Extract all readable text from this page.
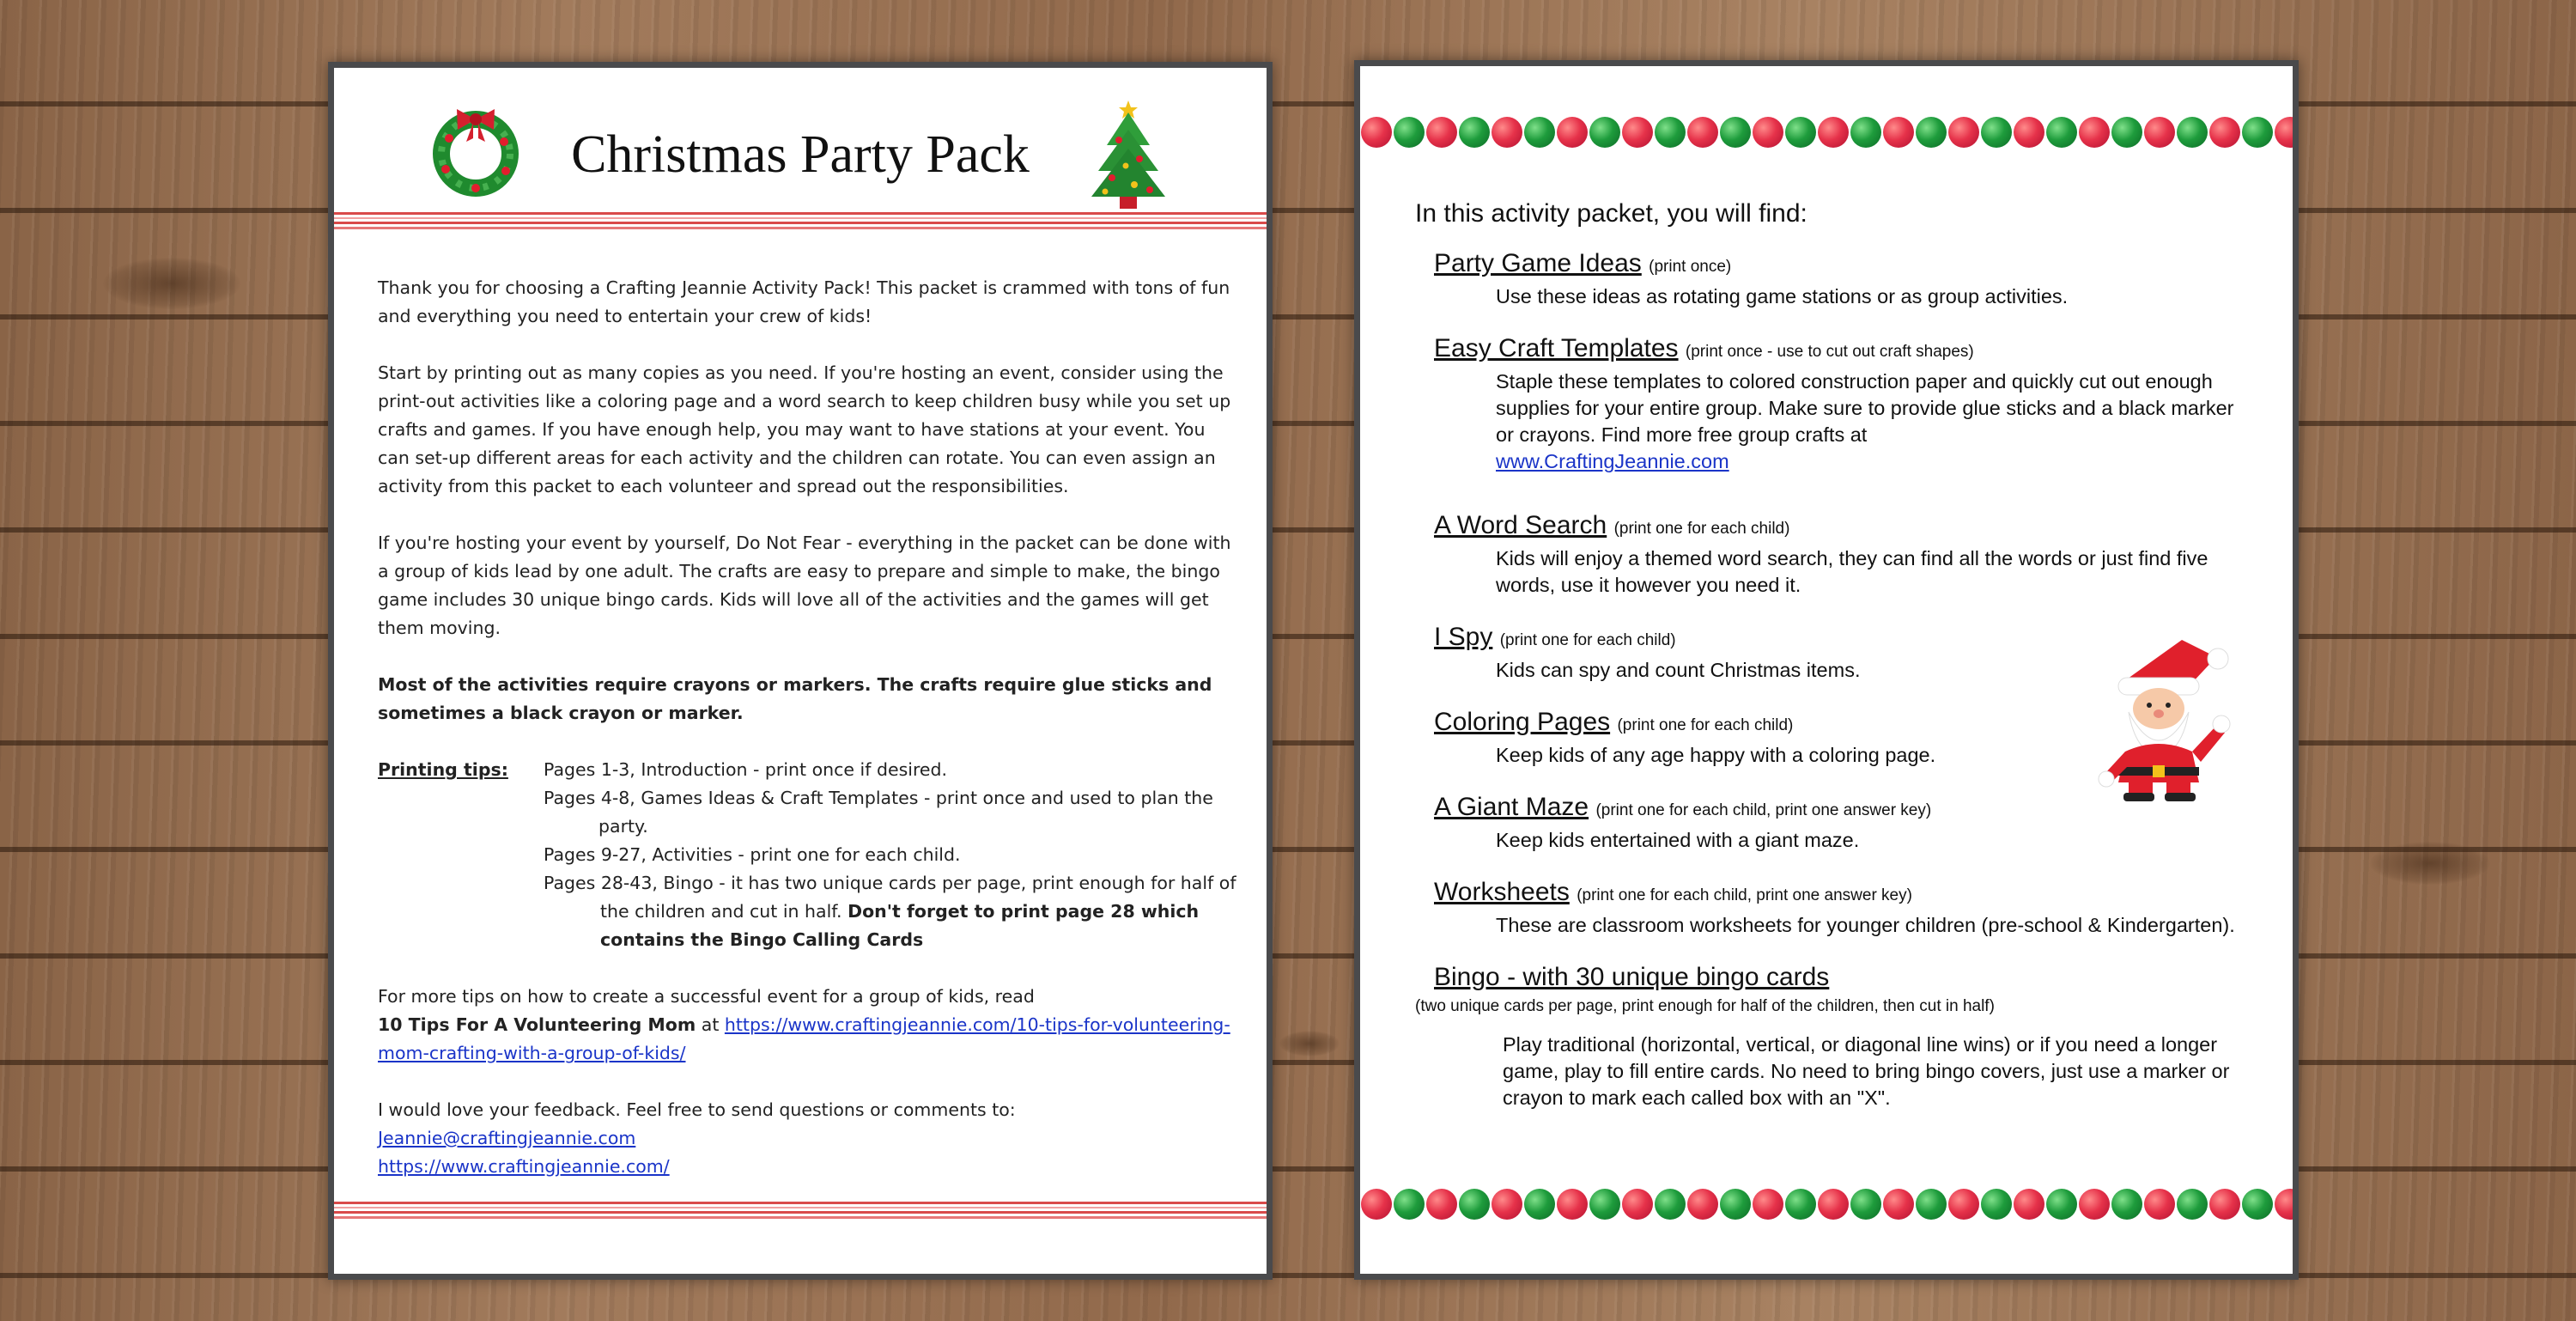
Christmas Party Pack

Thank you for choosing a Crafting Jeannie Activity Pack! This packet is crammed with tons of fun and everything you need to entertain your crew of kids!

Start by printing out as many copies as you need. If you're hosting an event, consider using the print-out activities like a coloring page and a word search to keep children busy while you set up crafts and games. If you have enough help, you may want to have stations at your event. You can set-up different areas for each activity and the children can rotate. You can even assign an activity from this packet to each volunteer and spread out the responsibilities.

If you're hosting your event by yourself, Do Not Fear - everything in the packet can be done with a group of kids lead by one adult. The crafts are easy to prepare and simple to make, the bingo game includes 30 unique bingo cards. Kids will love all of the activities and the games will get them moving.

Most of the activities require crayons or markers. The crafts require glue sticks and sometimes a black crayon or marker.

Printing tips: Pages 1-3, Introduction - print once if desired.
Pages 4-8, Games Ideas & Craft Templates - print once and used to plan the party.
Pages 9-27, Activities - print one for each child.
Pages 28-43, Bingo - it has two unique cards per page, print enough for half of the children and cut in half. Don't forget to print page 28 which contains the Bingo Calling Cards

For more tips on how to create a successful event for a group of kids, read
10 Tips For A Volunteering Mom at https://www.craftingjeannie.com/10-tips-for-volunteering-mom-crafting-with-a-group-of-kids/

I would love your feedback. Feel free to send questions or comments to:
Jeannie@craftingjeannie.com
https://www.craftingjeannie.com/

In this activity packet, you will find:
Party Game Ideas (print once)
Use these ideas as rotating game stations or as group activities.
Easy Craft Templates (print once - use to cut out craft shapes)
Staple these templates to colored construction paper and quickly cut out enough supplies for your entire group. Make sure to provide glue sticks and a black marker or crayons. Find more free group crafts at
www.CraftingJeannie.com
A Word Search (print one for each child)
Kids will enjoy a themed word search, they can find all the words or just find five words, use it however you need it.
I Spy (print one for each child)
Kids can spy and count Christmas items.
Coloring Pages (print one for each child)
Keep kids of any age happy with a coloring page.
A Giant Maze (print one for each child, print one answer key)
Keep kids entertained with a giant maze.
Worksheets (print one for each child, print one answer key)
These are classroom worksheets for younger children (pre-school & Kindergarten).
Bingo - with 30 unique bingo cards
(two unique cards per page, print enough for half of the children, then cut in half)
Play traditional (horizontal, vertical, or diagonal line wins) or if you need a longer game, play to fill entire cards. No need to bring bingo covers, just use a marker or crayon to mark each called box with an "X".
